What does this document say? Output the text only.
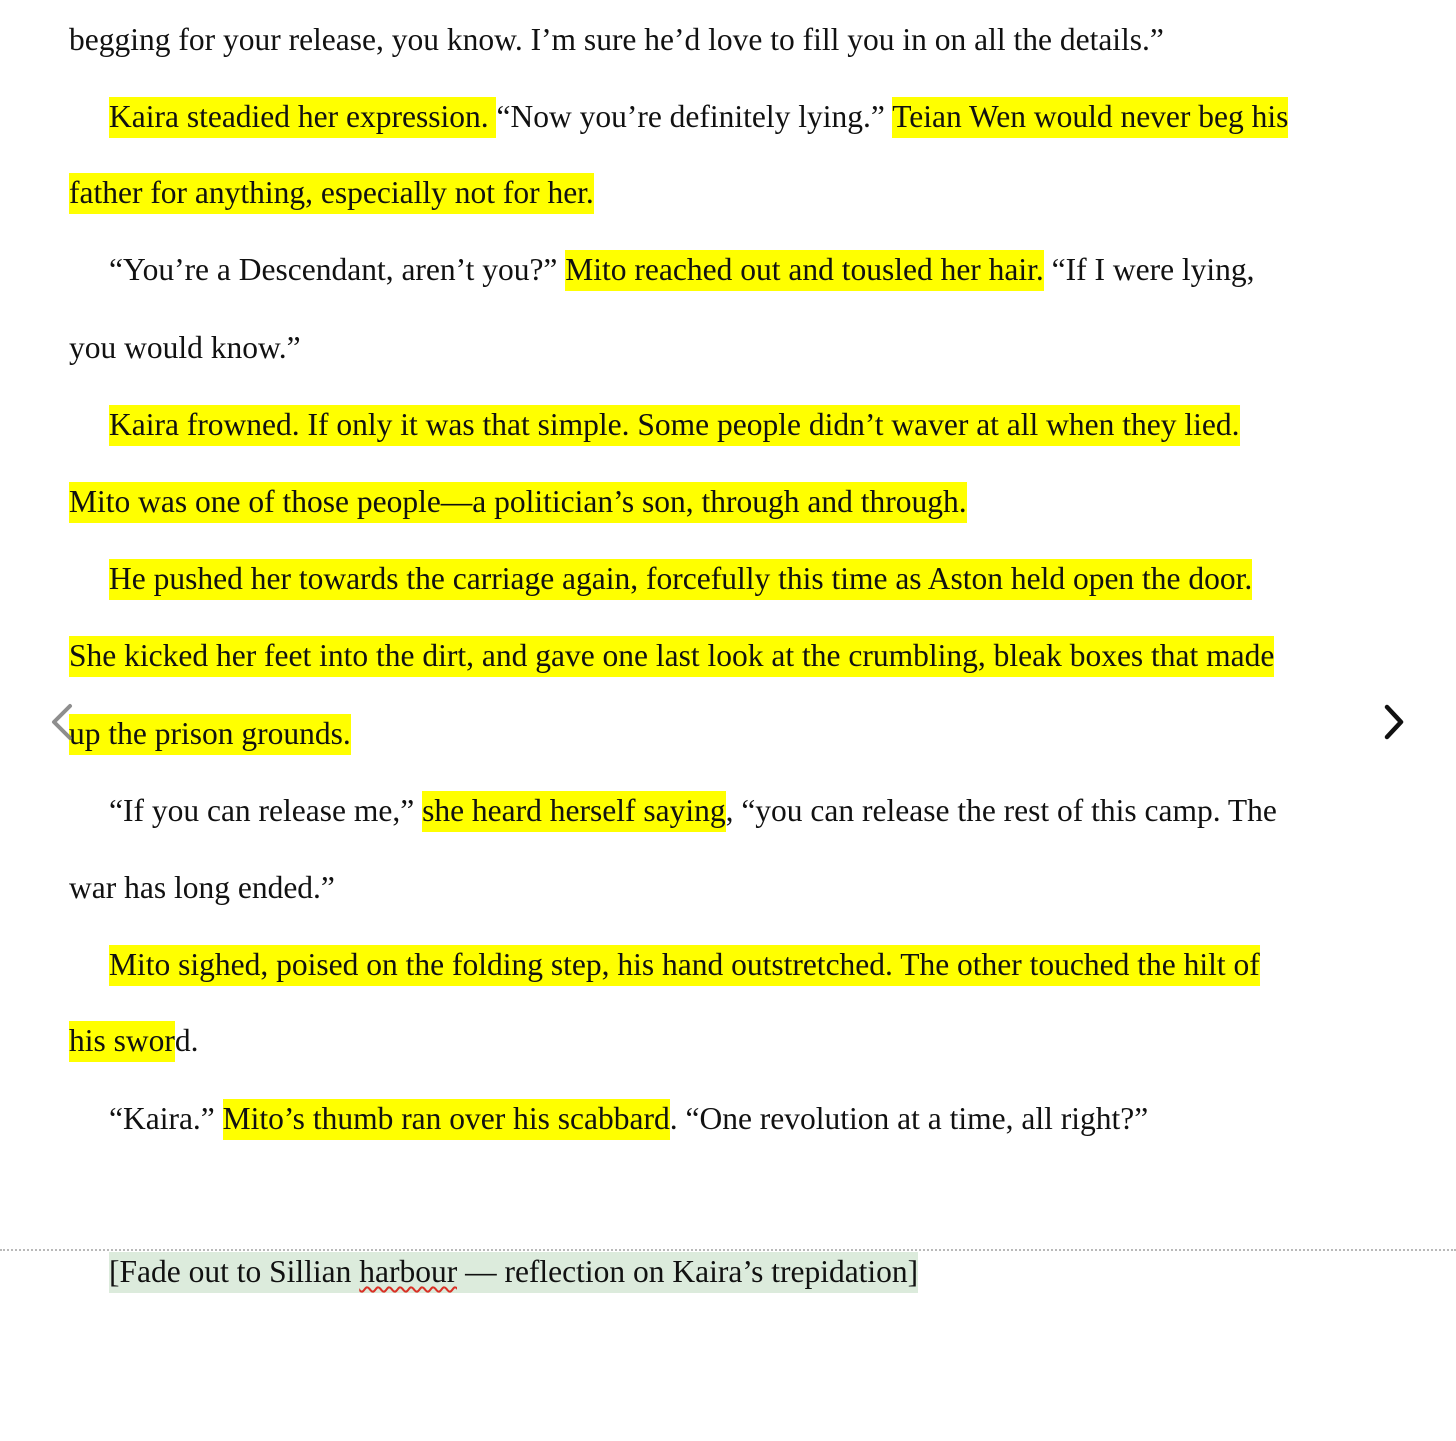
begging for your release, you know. I’m sure he’d love to fill you in on all the details.”
Kaira steadied her expression. “Now you’re definitely lying.” Teian Wen would never beg his
father for anything, especially not for her.
“You’re a Descendant, aren’t you?” Mito reached out and tousled her hair. “If I were lying,
you would know.”
Kaira frowned. If only it was that simple. Some people didn’t waver at all when they lied.
Mito was one of those people—a politician’s son, through and through.
He pushed her towards the carriage again, forcefully this time as Aston held open the door.
She kicked her feet into the dirt, and gave one last look at the crumbling, bleak boxes that made
up the prison grounds.
“If you can release me,” she heard herself saying, “you can release the rest of this camp. The
war has long ended.”
Mito sighed, poised on the folding step, his hand outstretched. The other touched the hilt of
his sword.
“Kaira.” Mito’s thumb ran over his scabbard. “One revolution at a time, all right?”
[Fade out to Sillian harbour — reflection on Kaira’s trepidation]
